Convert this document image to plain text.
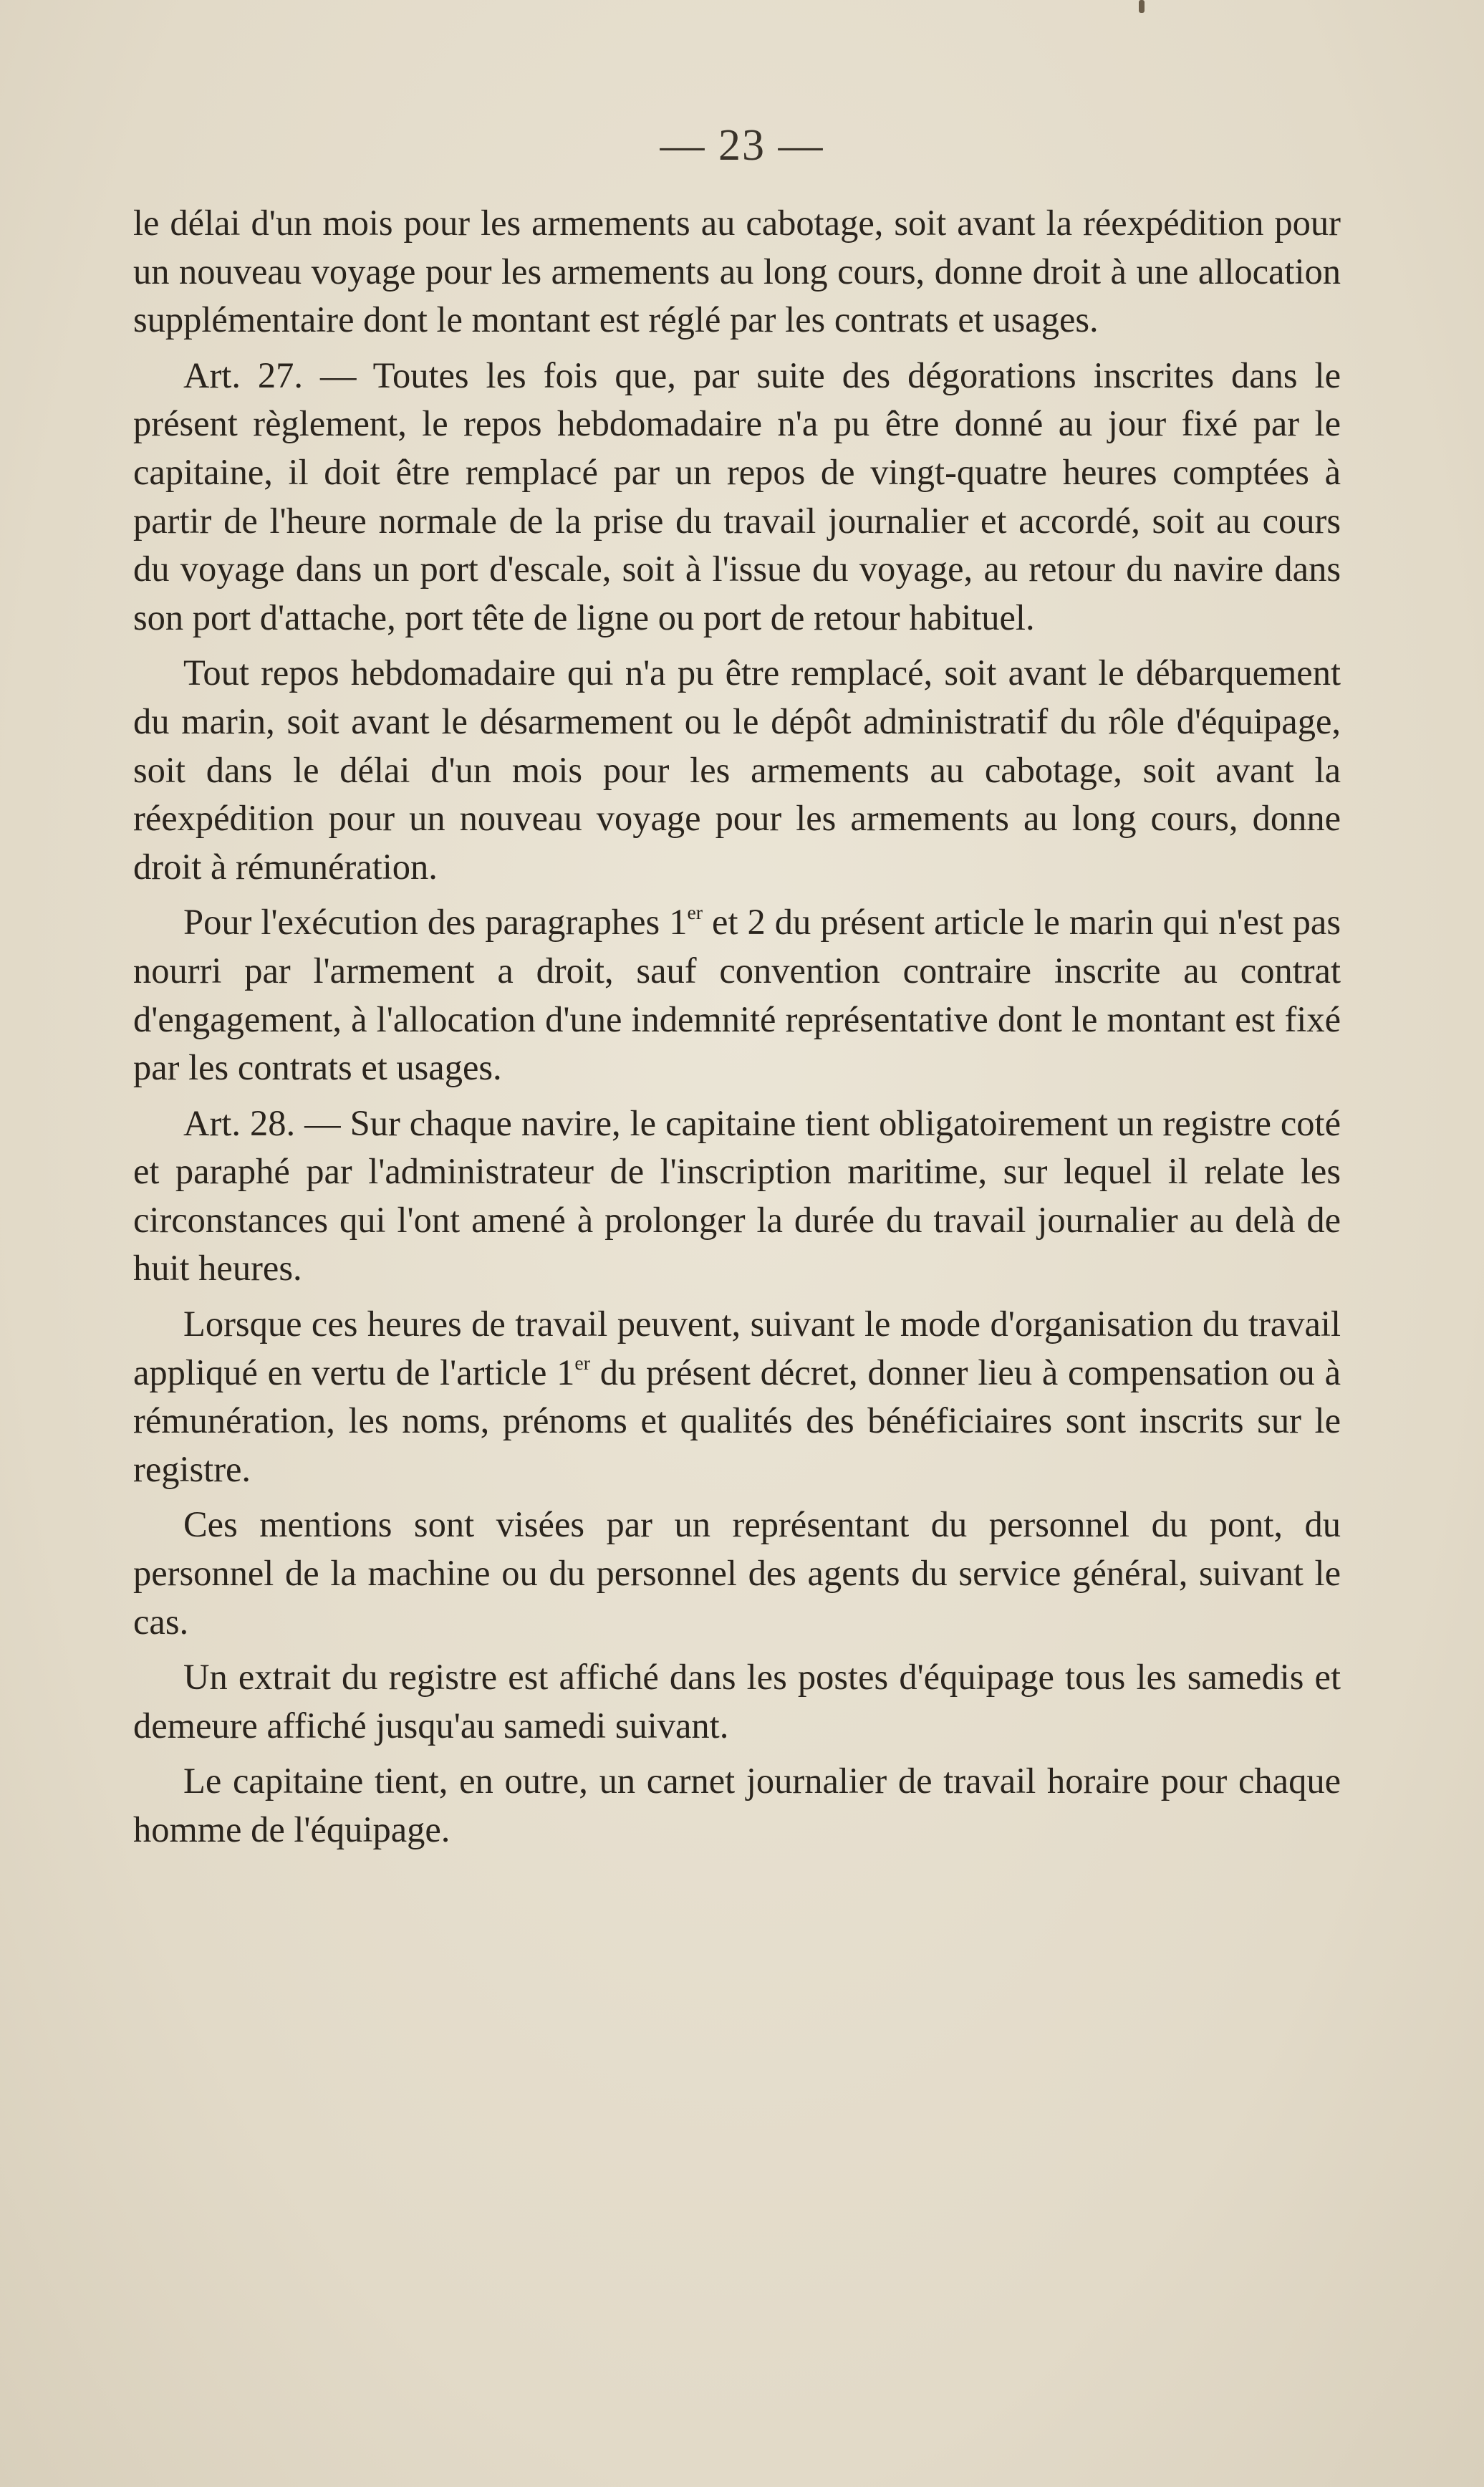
— 23 —

le délai d'un mois pour les armements au cabotage, soit avant la réexpédition pour un nouveau voyage pour les armements au long cours, donne droit à une allocation supplémentaire dont le montant est réglé par les contrats et usages.

Art. 27. — Toutes les fois que, par suite des dégorations inscrites dans le présent règlement, le repos hebdomadaire n'a pu être donné au jour fixé par le capitaine, il doit être remplacé par un repos de vingt-quatre heures comptées à partir de l'heure normale de la prise du travail journalier et accordé, soit au cours du voyage dans un port d'escale, soit à l'issue du voyage, au retour du navire dans son port d'attache, port tête de ligne ou port de retour habituel.

Tout repos hebdomadaire qui n'a pu être remplacé, soit avant le débarquement du marin, soit avant le désarmement ou le dépôt administratif du rôle d'équipage, soit dans le délai d'un mois pour les armements au cabotage, soit avant la réexpédition pour un nouveau voyage pour les armements au long cours, donne droit à rémunération.

Pour l'exécution des paragraphes 1er et 2 du présent article le marin qui n'est pas nourri par l'armement a droit, sauf convention contraire inscrite au contrat d'engagement, à l'allocation d'une indemnité représentative dont le montant est fixé par les contrats et usages.

Art. 28. — Sur chaque navire, le capitaine tient obligatoirement un registre coté et paraphé par l'administrateur de l'inscription maritime, sur lequel il relate les circonstances qui l'ont amené à prolonger la durée du travail journalier au delà de huit heures.

Lorsque ces heures de travail peuvent, suivant le mode d'organisation du travail appliqué en vertu de l'article 1er du présent décret, donner lieu à compensation ou à rémunération, les noms, prénoms et qualités des bénéficiaires sont inscrits sur le registre.

Ces mentions sont visées par un représentant du personnel du pont, du personnel de la machine ou du personnel des agents du service général, suivant le cas.

Un extrait du registre est affiché dans les postes d'équipage tous les samedis et demeure affiché jusqu'au samedi suivant.

Le capitaine tient, en outre, un carnet journalier de travail horaire pour chaque homme de l'équipage.
